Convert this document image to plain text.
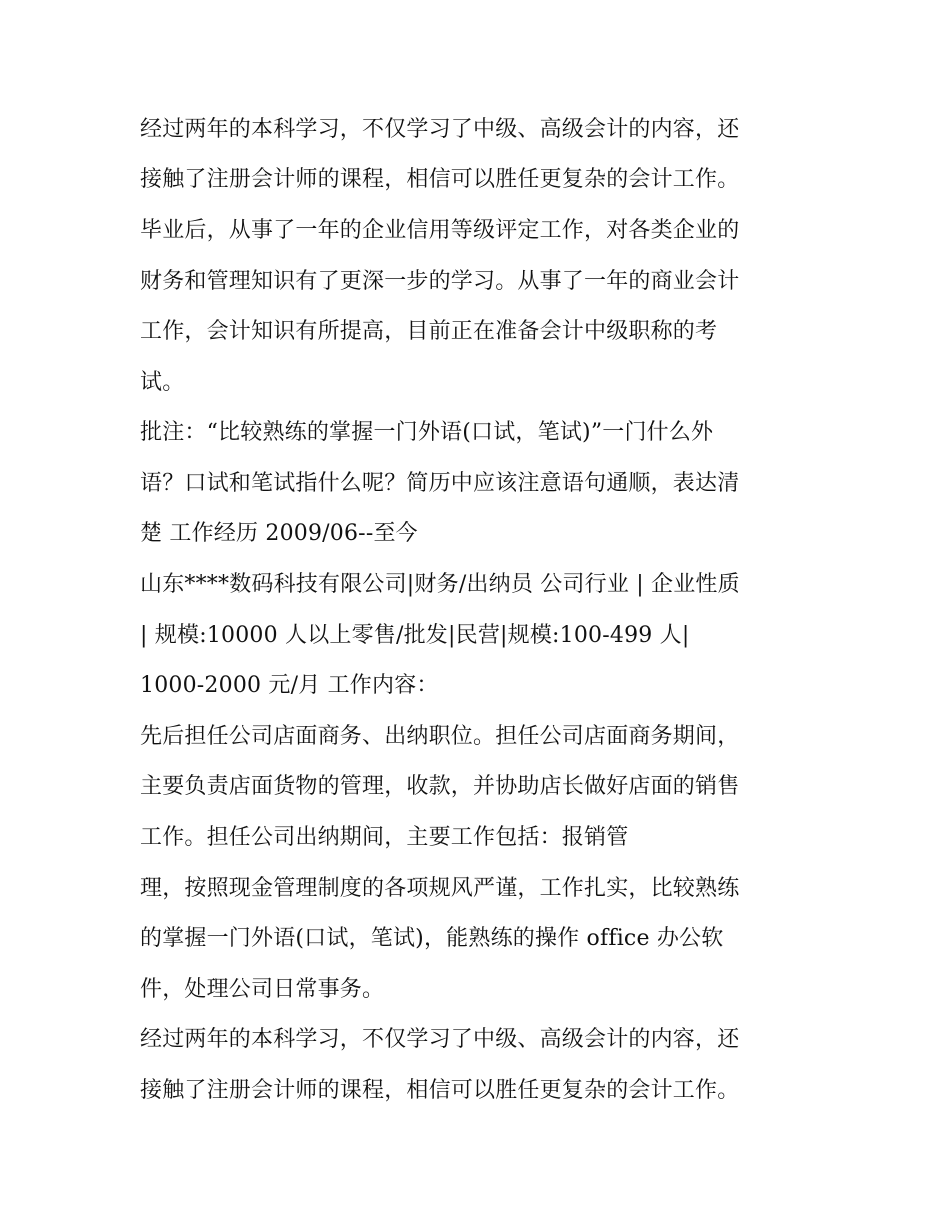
经过两年的本科学习，不仅学习了中级、高级会计的内容，还
接触了注册会计师的课程，相信可以胜任更复杂的会计工作。
毕业后，从事了一年的企业信用等级评定工作，对各类企业的
财务和管理知识有了更深一步的学习。从事了一年的商业会计
工作，会计知识有所提高，目前正在准备会计中级职称的考
试。
批注：“比较熟练的掌握一门外语(口试，笔试)”一门什么外
语？口试和笔试指什么呢？简历中应该注意语句通顺，表达清
楚 工作经历 2009/06--至今
山东****数码科技有限公司|财务/出纳员 公司行业 | 企业性质
| 规模:10000 人以上零售/批发|民营|规模:100-499 人|
1000-2000 元/月 工作内容：
先后担任公司店面商务、出纳职位。担任公司店面商务期间，
主要负责店面货物的管理，收款，并协助店长做好店面的销售
工作。担任公司出纳期间，主要工作包括：报销管
理，按照现金管理制度的各项规风严谨，工作扎实，比较熟练
的掌握一门外语(口试，笔试)，能熟练的操作 office 办公软
件，处理公司日常事务。
经过两年的本科学习，不仅学习了中级、高级会计的内容，还
接触了注册会计师的课程，相信可以胜任更复杂的会计工作。
